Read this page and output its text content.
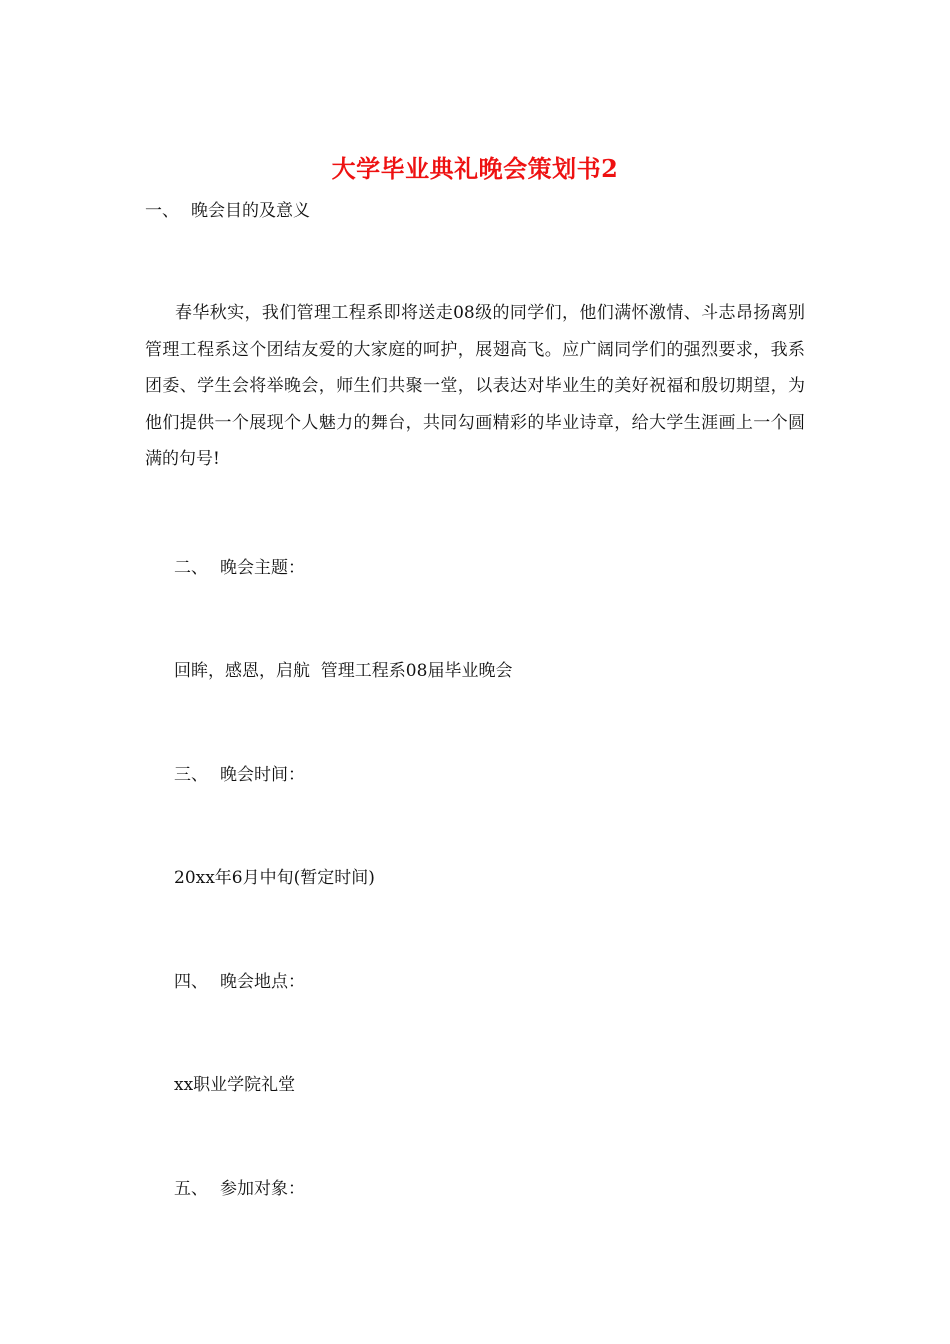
大学毕业典礼晚会策划书2
一、 晚会目的及意义
春华秋实，我们管理工程系即将送走08级的同学们，他们满怀激情、斗志昂扬离别管理工程系这个团结友爱的大家庭的呵护，展翅高飞。应广阔同学们的强烈要求，我系团委、学生会将举晚会，师生们共聚一堂，以表达对毕业生的美好祝福和殷切期望，为他们提供一个展现个人魅力的舞台，共同勾画精彩的毕业诗章，给大学生涯画上一个圆满的句号!
二、 晚会主题：
回眸，感恩，启航  管理工程系08届毕业晚会
三、 晚会时间：
20xx年6月中旬(暂定时间)
四、 晚会地点：
xx职业学院礼堂
五、 参加对象：
